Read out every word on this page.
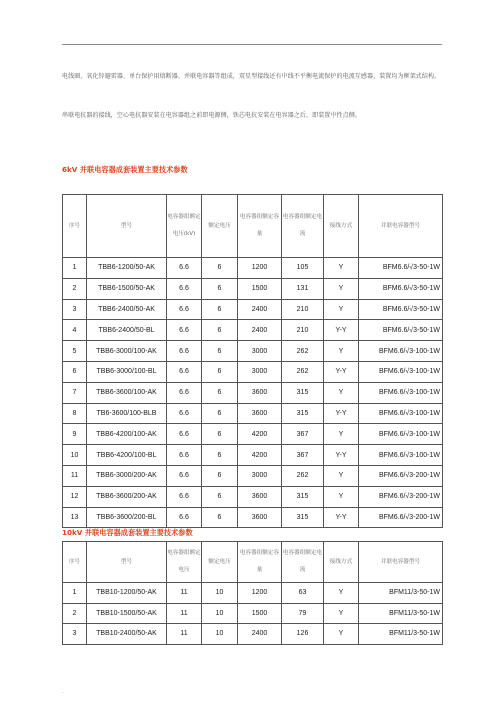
电线圈、氧化锌避雷器、单台保护用熔断器、并联电容器等组成，双星型接线还有中线不平衡电流保护的电流互感器，装置均为框架式结构。
串联电抗器的接线，空心电抗器安装在电容器组之前即电源侧，铁芯电抗安装在电容器之后，即装置中性点侧。
6kV 并联电容器成套装置主要技术参数
序号	型号	电容器组额定电压(kV)	额定电压	电容器组额定容量	电容器组额定电流	接线方式	并联电容器型号
1	TBB6-1200/50-AK	6.6	6	1200	105	Y	BFM6.6/√3-50-1W
2	TBB6-1500/50-AK	6.6	6	1500	131	Y	BFM6.6/√3-50-1W
3	TBB6-2400/50-AK	6.6	6	2400	210	Y	BFM6.6/√3-50-1W
4	TBB6-2400/50-BL	6.6	6	2400	210	Y-Y	BFM6.6/√3-50-1W
5	TBB6-3000/100-AK	6.6	6	3000	262	Y	BFM6.6/√3-100-1W
6	TBB6-3000/100-BL	6.6	6	3000	262	Y-Y	BFM6.6/√3-100-1W
7	TBB6-3600/100-AK	6.6	6	3600	315	Y	BFM6.6/√3-100-1W
8	TB6-3600/100-BLB	6.6	6	3600	315	Y-Y	BFM6.6/√3-100-1W
9	TBB6-4200/100-AK	6.6	6	4200	367	Y	BFM6.6/√3-100-1W
10	TBB6-4200/100-BL	6.6	6	4200	367	Y-Y	BFM6.6/√3-100-1W
11	TBB6-3000/200-AK	6.6	6	3000	262	Y	BFM6.6/√3-200-1W
12	TBB6-3600/200-AK	6.6	6	3600	315	Y	BFM6.6/√3-200-1W
13	TBB6-3600/200-BL	6.6	6	3600	315	Y-Y	BFM6.6/√3-200-1W
10kV 并联电容器成套装置主要技术参数
序号	型号	电容器组额定电压	额定电压	电容器组额定容量	电容器组额定电流	接线方式	并联电容器型号
1	TBB10-1200/50-AK	11	10	1200	63	Y	BFM11/3-50-1W
2	TBB10-1500/50-AK	11	10	1500	79	Y	BFM11/3-50-1W
3	TBB10-2400/50-AK	11	10	2400	126	Y	BFM11/3-50-1W
.
